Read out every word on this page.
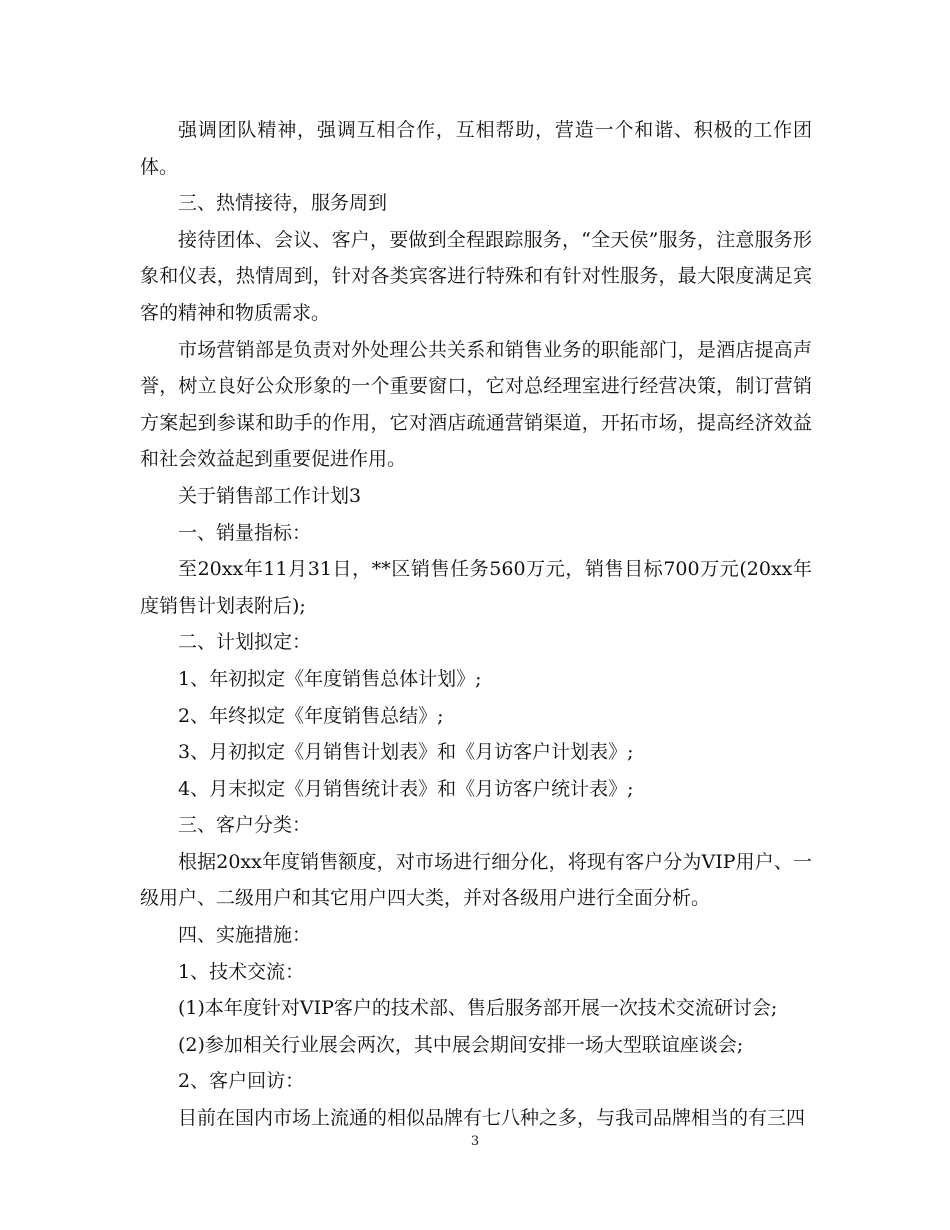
强调团队精神，强调互相合作，互相帮助，营造一个和谐、积极的工作团体。

三、热情接待，服务周到

接待团体、会议、客户，要做到全程跟踪服务，“全天侯”服务，注意服务形象和仪表，热情周到，针对各类宾客进行特殊和有针对性服务，最大限度满足宾客的精神和物质需求。

市场营销部是负责对外处理公共关系和销售业务的职能部门，是酒店提高声誉，树立良好公众形象的一个重要窗口，它对总经理室进行经营决策，制订营销方案起到参谋和助手的作用，它对酒店疏通营销渠道，开拓市场，提高经济效益和社会效益起到重要促进作用。

关于销售部工作计划3

一、销量指标：

至20xx年11月31日，**区销售任务560万元，销售目标700万元(20xx年度销售计划表附后);

二、计划拟定：

1、年初拟定《年度销售总体计划》;

2、年终拟定《年度销售总结》;

3、月初拟定《月销售计划表》和《月访客户计划表》;

4、月末拟定《月销售统计表》和《月访客户统计表》;

三、客户分类：

根据20xx年度销售额度，对市场进行细分化，将现有客户分为VIP用户、一级用户、二级用户和其它用户四大类，并对各级用户进行全面分析。

四、实施措施：

1、技术交流：

(1)本年度针对VIP客户的技术部、售后服务部开展一次技术交流研讨会;

(2)参加相关行业展会两次，其中展会期间安排一场大型联谊座谈会;

2、客户回访：

目前在国内市场上流通的相似品牌有七八种之多，与我司品牌相当的有三四

3
